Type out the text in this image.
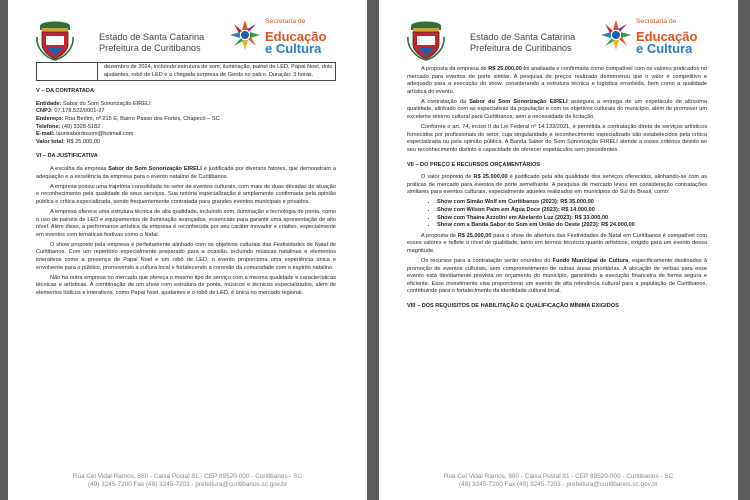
Estado de Santa Catarina
Prefeitura de Curitibanos
Secretaria de
Educação
e Cultura
dezembro de 2024, incluindo estrutura de som, iluminação, painel de LED, Papai Noel, dois ajudantes, robô de LED e a chegada surpresa de Gerds no palco. Duração: 3 horas.

V – DA CONTRATADA

Entidade: Sabor do Som Sonorização EIRELI
CNPJ: 07.178.522/0001-27
Endereço: Rua Berlim, nº 215 E, Bairro Passo dos Fortes, Chapecó – SC
Telefone: (49) 3328-5182
E-mail: laurisabordosom@hotmail.com
Valor total: R$ 25.000,00

VI – DA JUSTIFICATIVA

A escolha da empresa Sabor do Som Sonorização EIRELI é justificada por diversos fatores, que demonstram a adequação e a excelência da empresa para o evento natalino de Curitibanos.

A empresa possui uma trajetória consolidada no setor de eventos culturais, com mais de duas décadas de atuação e reconhecimento pela qualidade de seus serviços. Sua notória especialização é amplamente confirmada pela opinião pública e crítica especializada, sendo frequentemente contratada para grandes eventos municipais e privados.

A empresa oferece uma estrutura técnica de alta qualidade, incluindo som, iluminação e tecnologia de ponta, como o uso de painéis de LED e equipamentos de iluminação avançados, essenciais para garantir uma apresentação de alto nível. Além disso, a performance artística da empresa é reconhecida por seu caráter inovador e criativo, especialmente em eventos com temáticas festivas como o Natal.

O show proposto pela empresa é perfeitamente alinhado com os objetivos culturais das Festividades de Natal de Curitibanos. Com um repertório especialmente preparado para a ocasião, incluindo músicas natalinas e elementos interativos como a presença de Papai Noel e um robô de LED, o evento proporciona uma experiência única e envolvente para o público, promovendo a cultura local e fortalecendo a conexão da comunidade com o espírito natalino.

Não há outra empresa no mercado que ofereça o mesmo tipo de serviço com a mesma qualidade e características técnicas e artísticas. A combinação de um show com estrutura de ponta, músicos e técnicos especializados, além de elementos lúdicos e interativos, como Papai Noel, ajudantes e o robô de LED, é única no mercado regional.

Rua Cel Vidal Ramos, 860 - Caixa Postal 81 - CEP 89520-000 - Curitibanos - SC
(49) 3245-7200 Fax (49) 3245-7203 - prefeitura@curitibanos.sc.gov.br
Estado de Santa Catarina
Prefeitura de Curitibanos
Secretaria de
Educação
e Cultura

A proposta da empresa de R$ 25.000,00 foi analisada e confirmada como compatível com os valores praticados no mercado para eventos de porte similar. A pesquisa de preços realizada demonstrou que o valor é competitivo e adequado para a execução do show, considerando a estrutura técnica e logística envolvida, bem como a qualidade artística do evento.

A contratação da Sabor do Som Sonorização EIRELI assegura a entrega de um espetáculo de altíssima qualidade, alinhado com as expectativas da população e com os objetivos culturais do município, além de promover um excelente retorno cultural para Curitibanos, sem a necessidade de licitação.

Conforme o art. 74, inciso II da Lei Federal nº 14.133/2021, é permitida a contratação direta de serviços artísticos fornecidos por profissionais do setor, cuja singularidade e reconhecimento especializado são estabelecidos pela crítica especializada ou pela opinião pública. A Banda Sabor do Som Sonorização EIRELI atende a esses critérios devido ao seu reconhecimento distinto e capacidade de oferecer espetáculos sem precedentes.

VII – DO PREÇO E RECURSOS ORÇAMENTÁRIOS

O valor proposto de R$ 25.000,00 é justificado pela alta qualidade dos serviços oferecidos, alinhando-se com as práticas de mercado para eventos de porte semelhante. A pesquisa de mercado levou em consideração contratações similares para eventos culturais, especialmente aqueles realizados em municípios do Sul do Brasil, como:

• Show com Simão Wolf em Curitibanos (2023): R$ 35.000,00
• Show com Wilson Paim em Água Doce (2023): R$ 14.000,00
• Show com Thaina Azzolini em Abelardo Luz (2023): R$ 33.000,00
• Show com a Banda Sabor do Som em União do Oeste (2023): R$ 24.000,00

A proposta de R$ 25.000,00 para o show de abertura das Festividades de Natal em Curitibanos é compatível com esses valores e reflete o nível de qualidade, tanto em termos técnicos quanto artísticos, exigido para um evento dessa magnitude.

Os recursos para a contratação serão oriundos do Fundo Municipal de Cultura, especificamente destinados à promoção de eventos culturais, sem comprometimento de outras áreas prioritárias. A alocação de verbas para esse evento está devidamente prevista no orçamento do município, garantindo a execução financeira de forma segura e eficiente. Esse investimento visa proporcionar um evento de alta relevância cultural para a população de Curitibanos, contribuindo para o fortalecimento da identidade cultural local.

VIII – DOS REQUISITOS DE HABILITAÇÃO E QUALIFICAÇÃO MÍNIMA EXIGIDOS

Rua Cel Vidal Ramos, 860 - Caixa Postal 81 - CEP 89520-000 - Curitibanos - SC
(49) 3245-7200 Fax (49) 3245-7203 - prefeitura@curitibanos.sc.gov.br
